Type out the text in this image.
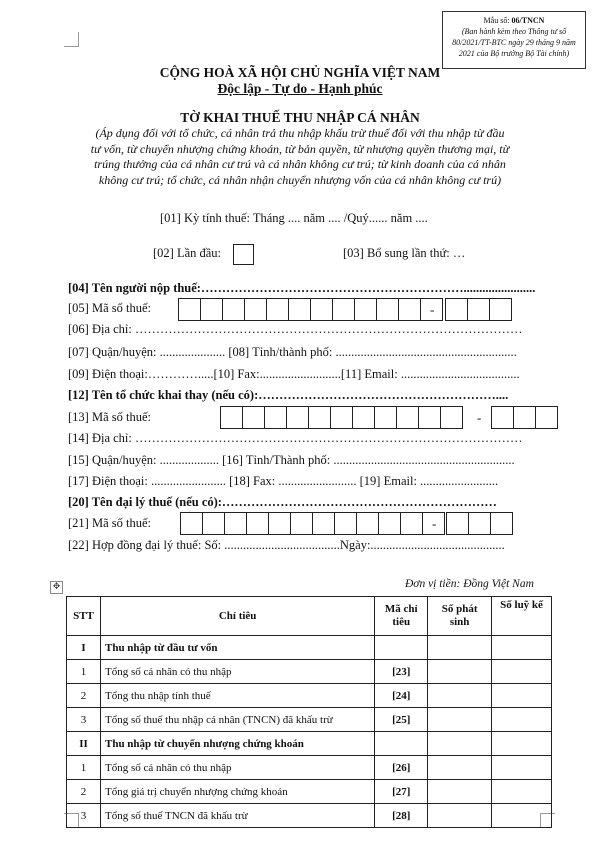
Mẫu số: 06/TNCN
(Ban hành kèm theo Thông tư số 80/2021/TT-BTC ngày 29 tháng 9 năm 2021 của Bộ trưởng Bộ Tài chính)
CỘNG HOÀ XÃ HỘI CHỦ NGHĨA VIỆT NAM
Độc lập - Tự do - Hạnh phúc
TỜ KHAI THUẾ THU NHẬP CÁ NHÂN
(Áp dụng đối với tổ chức, cá nhân trả thu nhập khấu trừ thuế đối với thu nhập từ đầu
tư vốn, từ chuyển nhượng chứng khoán, từ bản quyền, từ nhượng quyền thương mại, từ
trúng thưởng của cá nhân cư trú và cá nhân không cư trú; từ kinh doanh của cá nhân
không cư trú; tổ chức, cá nhân nhận chuyển nhượng vốn của cá nhân không cư trú)
[01] Kỳ tính thuế: Tháng .... năm .... /Quý...... năm ....
[02] Lần đầu:	[03] Bổ sung lần thứ: …
[04] Tên người nộp thuế:……………………………………………………….......................
[05] Mã số thuế:	-
[06] Địa chỉ: …………………………………………………………………………………
[07] Quận/huyện: ..................... [08] Tỉnh/thành phố: ..........................................................
[09] Điện thoại:………….....[10] Fax:..........................[11] Email: ......................................
[12] Tên tổ chức khai thay (nếu có):…………………………………………………....
[13] Mã số thuế:	-
[14] Địa chỉ: …………………………………………………………………………………
[15] Quận/huyện: ................... [16] Tỉnh/Thành phố: ..........................................................
[17] Điện thoại: ........................ [18] Fax: ......................... [19] Email: .........................
[20] Tên đại lý thuế (nếu có):…………………………………………………………
[21] Mã số thuế:	-
[22] Hợp đồng đại lý thuế: Số: .....................................Ngày:...........................................
Đơn vị tiền: Đồng Việt Nam
✥
STT	Chỉ tiêu	Mã chỉ tiêu	Số phát sinh	Số luỹ kế
I	Thu nhập từ đầu tư vốn			
1	Tổng số cá nhân có thu nhập	[23]		
2	Tổng thu nhập tính thuế	[24]		
3	Tổng số thuế thu nhập cá nhân (TNCN) đã khấu trừ	[25]		
II	Thu nhập từ chuyển nhượng chứng khoán			
1	Tổng số cá nhân có thu nhập	[26]		
2	Tổng giá trị chuyển nhượng chứng khoán	[27]		
3	Tổng số thuế TNCN đã khấu trừ	[28]		
